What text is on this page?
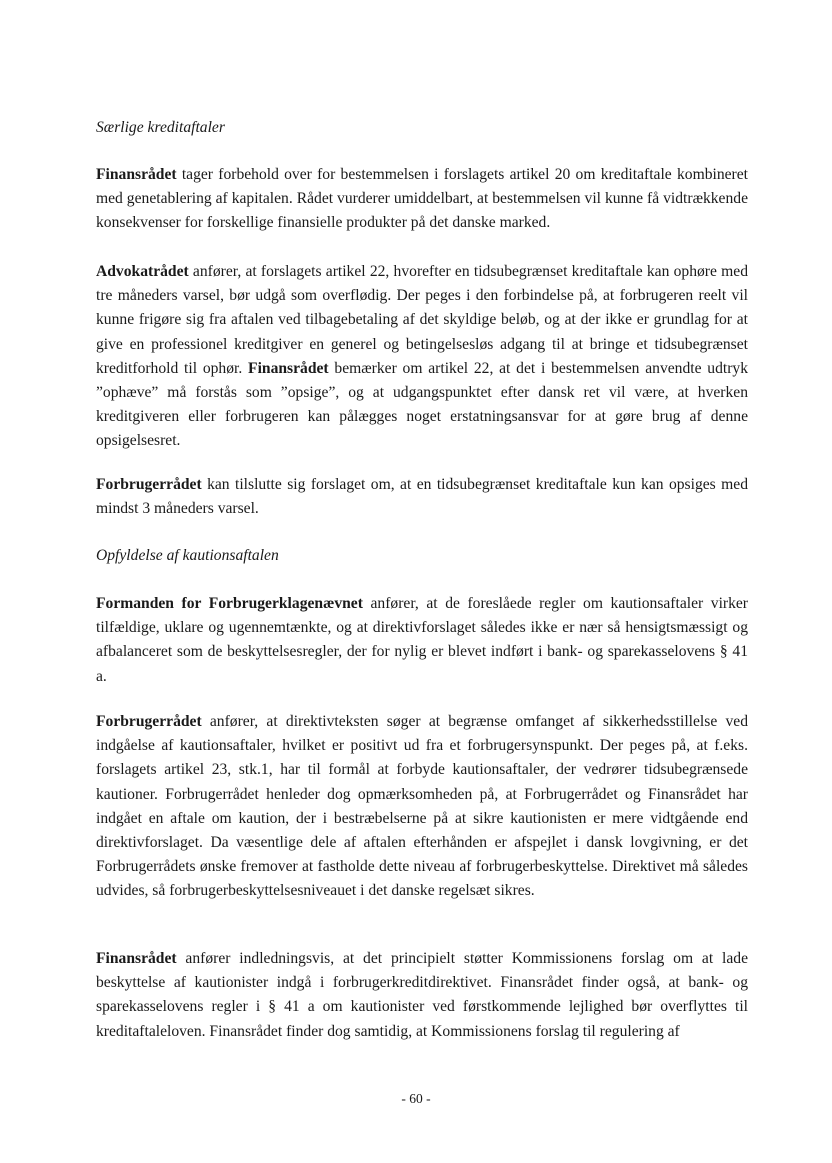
Særlige kreditaftaler
Finansrådet tager forbehold over for bestemmelsen i forslagets artikel 20 om kreditaftale kombineret med genetablering af kapitalen. Rådet vurderer umiddelbart, at bestemmelsen vil kunne få vidtrækkende konsekvenser for forskellige finansielle produkter på det danske marked.
Advokatrådet anfører, at forslagets artikel 22, hvorefter en tidsubegrænset kreditaftale kan ophøre med tre måneders varsel, bør udgå som overflødig. Der peges i den forbindelse på, at forbrugeren reelt vil kunne frigøre sig fra aftalen ved tilbagebetaling af det skyldige beløb, og at der ikke er grundlag for at give en professionel kreditgiver en generel og betingelsesløs adgang til at bringe et tidsubegrænset kreditforhold til ophør. Finansrådet bemærker om artikel 22, at det i bestemmelsen anvendte udtryk ”ophæve” må forstås som ”opsige”, og at udgangspunktet efter dansk ret vil være, at hverken kreditgiveren eller forbrugeren kan pålægges noget erstatningsansvar for at gøre brug af denne opsigelsesret.
Forbrugerrådet kan tilslutte sig forslaget om, at en tidsubegrænset kreditaftale kun kan opsiges med mindst 3 måneders varsel.
Opfyldelse af kautionsaftalen
Formanden for Forbrugerklagenævnet anfører, at de foreslåede regler om kautionsaftaler virker tilfældige, uklare og ugennemtænkte, og at direktivforslaget således ikke er nær så hensigtsmæssigt og afbalanceret som de beskyttelsesregler, der for nylig er blevet indført i bank- og sparekasselovens § 41 a.
Forbrugerrådet anfører, at direktivteksten søger at begrænse omfanget af sikkerhedsstillelse ved indgåelse af kautionsaftaler, hvilket er positivt ud fra et forbrugersynspunkt. Der peges på, at f.eks. forslagets artikel 23, stk.1, har til formål at forbyde kautionsaftaler, der vedrører tidsubegrænsede kautioner. Forbrugerrådet henleder dog opmærksomheden på, at Forbrugerrådet og Finansrådet har indgået en aftale om kaution, der i bestræbelserne på at sikre kautionisten er mere vidtgående end direktivforslaget. Da væsentlige dele af aftalen efterhånden er afspejlet i dansk lovgivning, er det Forbrugerrådets ønske fremover at fastholde dette niveau af forbrugerbeskyttelse. Direktivet må således udvides, så forbrugerbeskyttelsesniveauet i det danske regelsæt sikres.
Finansrådet anfører indledningsvis, at det principielt støtter Kommissionens forslag om at lade beskyttelse af kautionister indgå i forbrugerkreditdirektivet. Finansrådet finder også, at bank- og sparekasselovens regler i § 41 a om kautionister ved førstkommende lejlighed bør overflyttes til kreditaftaleloven. Finansrådet finder dog samtidig, at Kommissionens forslag til regulering af
- 60 -
